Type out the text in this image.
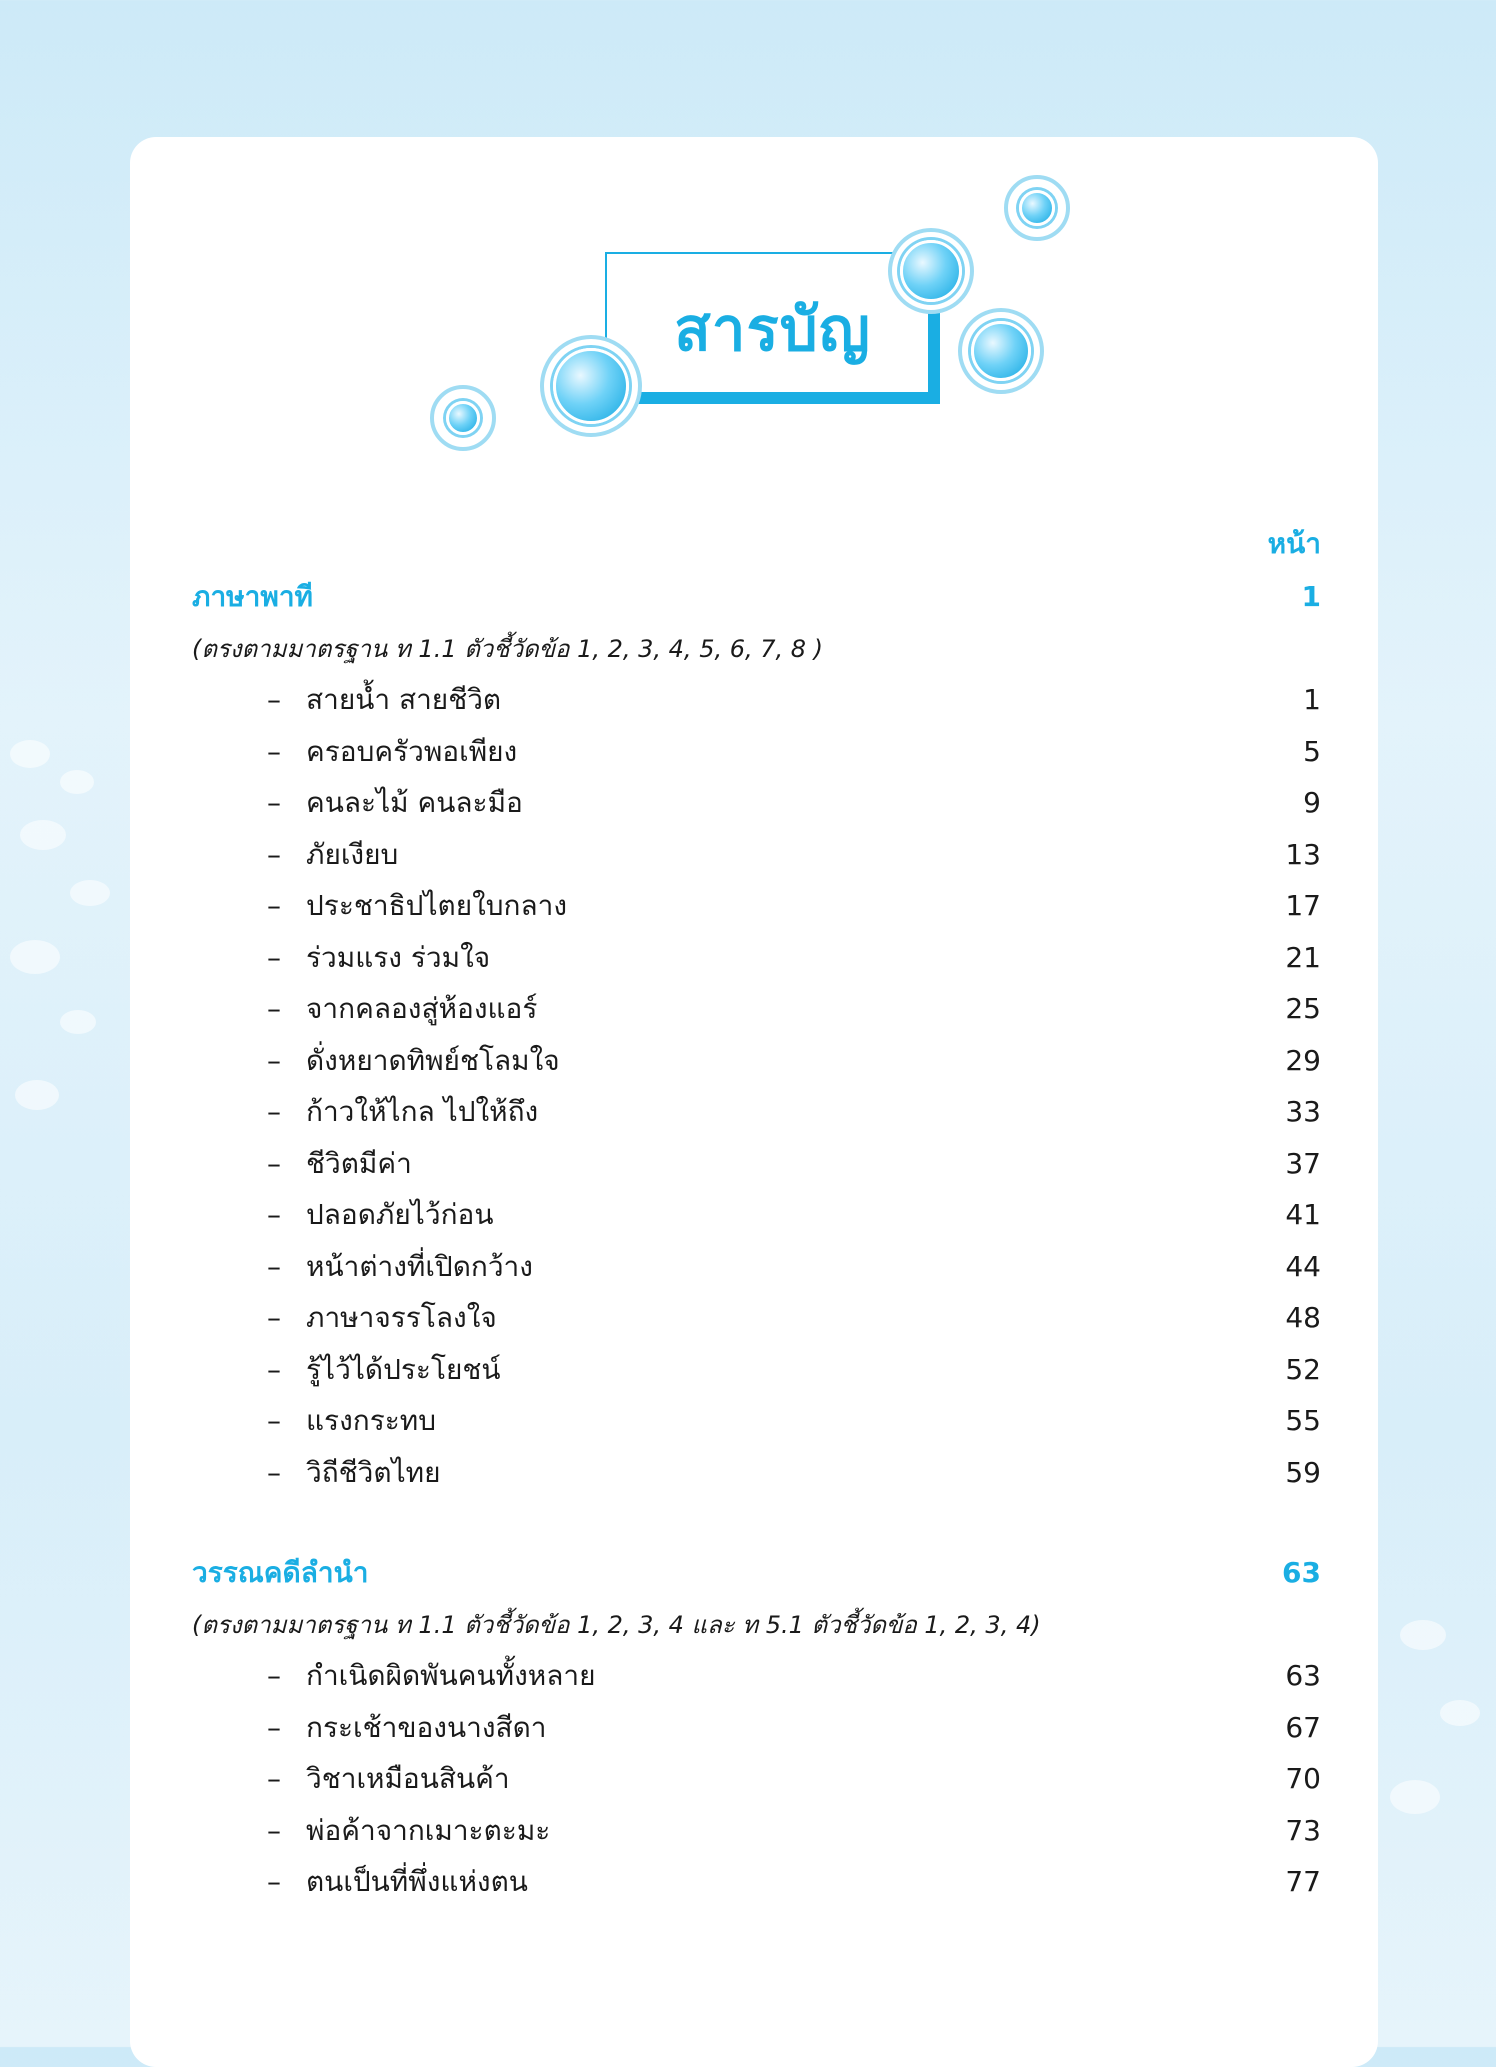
สารบัญ
หน้า
ภาษาพาที	1
(ตรงตามมาตรฐาน ท 1.1 ตัวชี้วัดข้อ 1, 2, 3, 4, 5, 6, 7, 8 )
– สายน้ำ สายชีวิต	1
– ครอบครัวพอเพียง	5
– คนละไม้ คนละมือ	9
– ภัยเงียบ	13
– ประชาธิปไตยใบกลาง	17
– ร่วมแรง ร่วมใจ	21
– จากคลองสู่ห้องแอร์	25
– ดั่งหยาดทิพย์ชโลมใจ	29
– ก้าวให้ไกล ไปให้ถึง	33
– ชีวิตมีค่า	37
– ปลอดภัยไว้ก่อน	41
– หน้าต่างที่เปิดกว้าง	44
– ภาษาจรรโลงใจ	48
– รู้ไว้ได้ประโยชน์	52
– แรงกระทบ	55
– วิถีชีวิตไทย	59
วรรณคดีลำนำ	63
(ตรงตามมาตรฐาน ท 1.1 ตัวชี้วัดข้อ 1, 2, 3, 4 และ ท 5.1 ตัวชี้วัดข้อ 1, 2, 3, 4)
– กำเนิดผิดพันคนทั้งหลาย	63
– กระเช้าของนางสีดา	67
– วิชาเหมือนสินค้า	70
– พ่อค้าจากเมาะตะมะ	73
– ตนเป็นที่พึ่งแห่งตน	77
